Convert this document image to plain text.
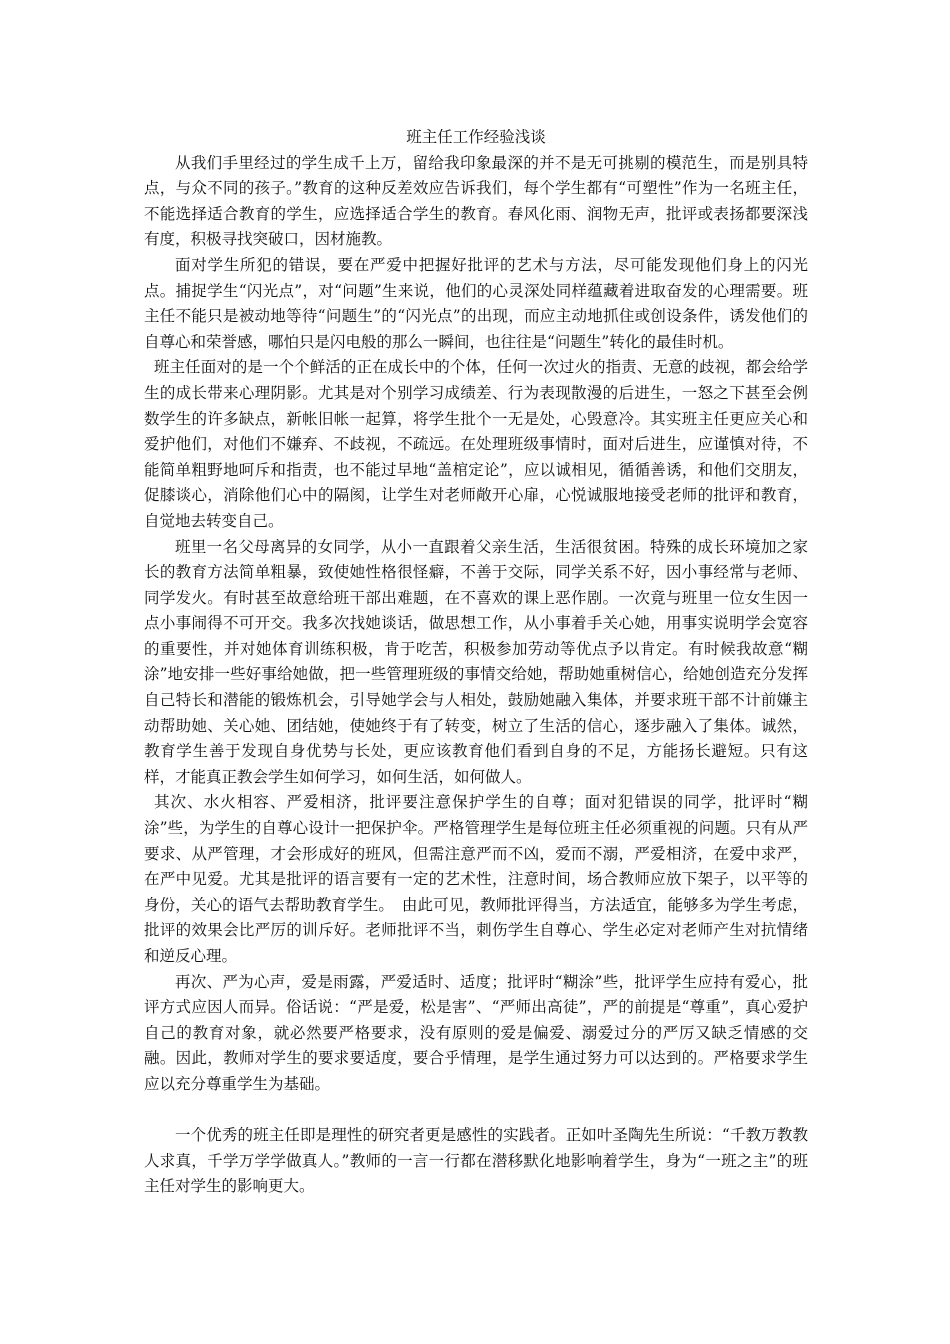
班主任工作经验浅谈

从我们手里经过的学生成千上万，留给我印象最深的并不是无可挑剔的模范生，而是别具特点，与众不同的孩子。”教育的这种反差效应告诉我们，每个学生都有“可塑性”作为一名班主任，不能选择适合教育的学生，应选择适合学生的教育。春风化雨、润物无声，批评或表扬都要深浅有度，积极寻找突破口，因材施教。

面对学生所犯的错误，要在严爱中把握好批评的艺术与方法，尽可能发现他们身上的闪光点。捕捉学生“闪光点”，对“问题”生来说，他们的心灵深处同样蕴藏着进取奋发的心理需要。班主任不能只是被动地等待“问题生”的“闪光点”的出现，而应主动地抓住或创设条件，诱发他们的自尊心和荣誉感，哪怕只是闪电般的那么一瞬间，也往往是“问题生”转化的最佳时机。

班主任面对的是一个个鲜活的正在成长中的个体，任何一次过火的指责、无意的歧视，都会给学生的成长带来心理阴影。尤其是对个别学习成绩差、行为表现散漫的后进生，一怒之下甚至会例数学生的许多缺点，新帐旧帐一起算，将学生批个一无是处，心毁意冷。其实班主任更应关心和爱护他们，对他们不嫌弃、不歧视，不疏远。在处理班级事情时，面对后进生，应谨慎对待，不能简单粗野地呵斥和指责，也不能过早地“盖棺定论”，应以诚相见，循循善诱，和他们交朋友，促膝谈心，消除他们心中的隔阂，让学生对老师敞开心扉，心悦诚服地接受老师的批评和教育，自觉地去转变自己。

班里一名父母离异的女同学，从小一直跟着父亲生活，生活很贫困。特殊的成长环境加之家长的教育方法简单粗暴，致使她性格很怪癖，不善于交际，同学关系不好，因小事经常与老师、同学发火。有时甚至故意给班干部出难题，在不喜欢的课上恶作剧。一次竟与班里一位女生因一点小事闹得不可开交。我多次找她谈话，做思想工作，从小事着手关心她，用事实说明学会宽容的重要性，并对她体育训练积极，肯于吃苦，积极参加劳动等优点予以肯定。有时候我故意“糊涂”地安排一些好事给她做，把一些管理班级的事情交给她，帮助她重树信心，给她创造充分发挥自己特长和潜能的锻炼机会，引导她学会与人相处，鼓励她融入集体，并要求班干部不计前嫌主动帮助她、关心她、团结她，使她终于有了转变，树立了生活的信心，逐步融入了集体。诚然，教育学生善于发现自身优势与长处，更应该教育他们看到自身的不足，方能扬长避短。只有这样，才能真正教会学生如何学习，如何生活，如何做人。

其次、水火相容、严爱相济，批评要注意保护学生的自尊；面对犯错误的同学，批评时“糊涂”些，为学生的自尊心设计一把保护伞。严格管理学生是每位班主任必须重视的问题。只有从严要求、从严管理，才会形成好的班风，但需注意严而不凶，爱而不溺，严爱相济，在爱中求严，在严中见爱。尤其是批评的语言要有一定的艺术性，注意时间，场合教师应放下架子，以平等的身份，关心的语气去帮助教育学生。　由此可见，教师批评得当，方法适宜，能够多为学生考虑，批评的效果会比严厉的训斥好。老师批评不当，刺伤学生自尊心、学生必定对老师产生对抗情绪和逆反心理。

再次、严为心声，爱是雨露，严爱适时、适度；批评时“糊涂”些，批评学生应持有爱心，批评方式应因人而异。俗话说：“严是爱，松是害”、“严师出高徒”，严的前提是“尊重”，真心爱护自己的教育对象，就必然要严格要求，没有原则的爱是偏爱、溺爱过分的严厉又缺乏情感的交融。因此，教师对学生的要求要适度，要合乎情理，是学生通过努力可以达到的。严格要求学生应以充分尊重学生为基础。

一个优秀的班主任即是理性的研究者更是感性的实践者。正如叶圣陶先生所说：“千教万教教人求真，千学万学学做真人。”教师的一言一行都在潜移默化地影响着学生，身为“一班之主”的班主任对学生的影响更大。
